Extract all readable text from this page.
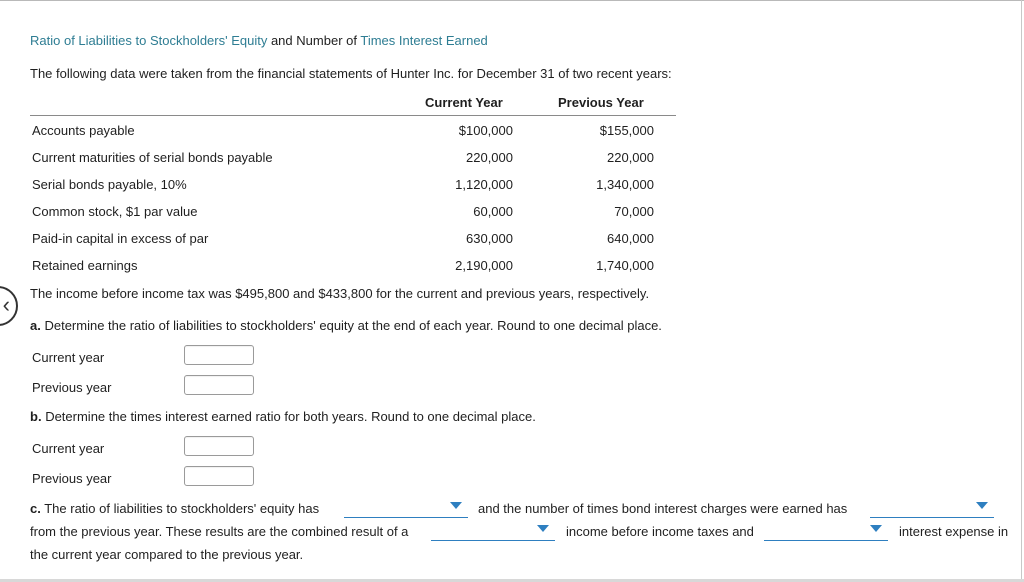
‹
Ratio of Liabilities to Stockholders' Equity and Number of Times Interest Earned
The following data were taken from the financial statements of Hunter Inc. for December 31 of two recent years:
Current Year	Previous Year
Accounts payable	$100,000	$155,000
Current maturities of serial bonds payable	220,000	220,000
Serial bonds payable, 10%	1,120,000	1,340,000
Common stock, $1 par value	60,000	70,000
Paid-in capital in excess of par	630,000	640,000
Retained earnings	2,190,000	1,740,000
The income before income tax was $495,800 and $433,800 for the current and previous years, respectively.
a. Determine the ratio of liabilities to stockholders' equity at the end of each year. Round to one decimal place.
Current year
Previous year
b. Determine the times interest earned ratio for both years. Round to one decimal place.
Current year
Previous year
c. The ratio of liabilities to stockholders' equity has	and the number of times bond interest charges were earned has
from the previous year. These results are the combined result of a	income before income taxes and	interest expense in
the current year compared to the previous year.
